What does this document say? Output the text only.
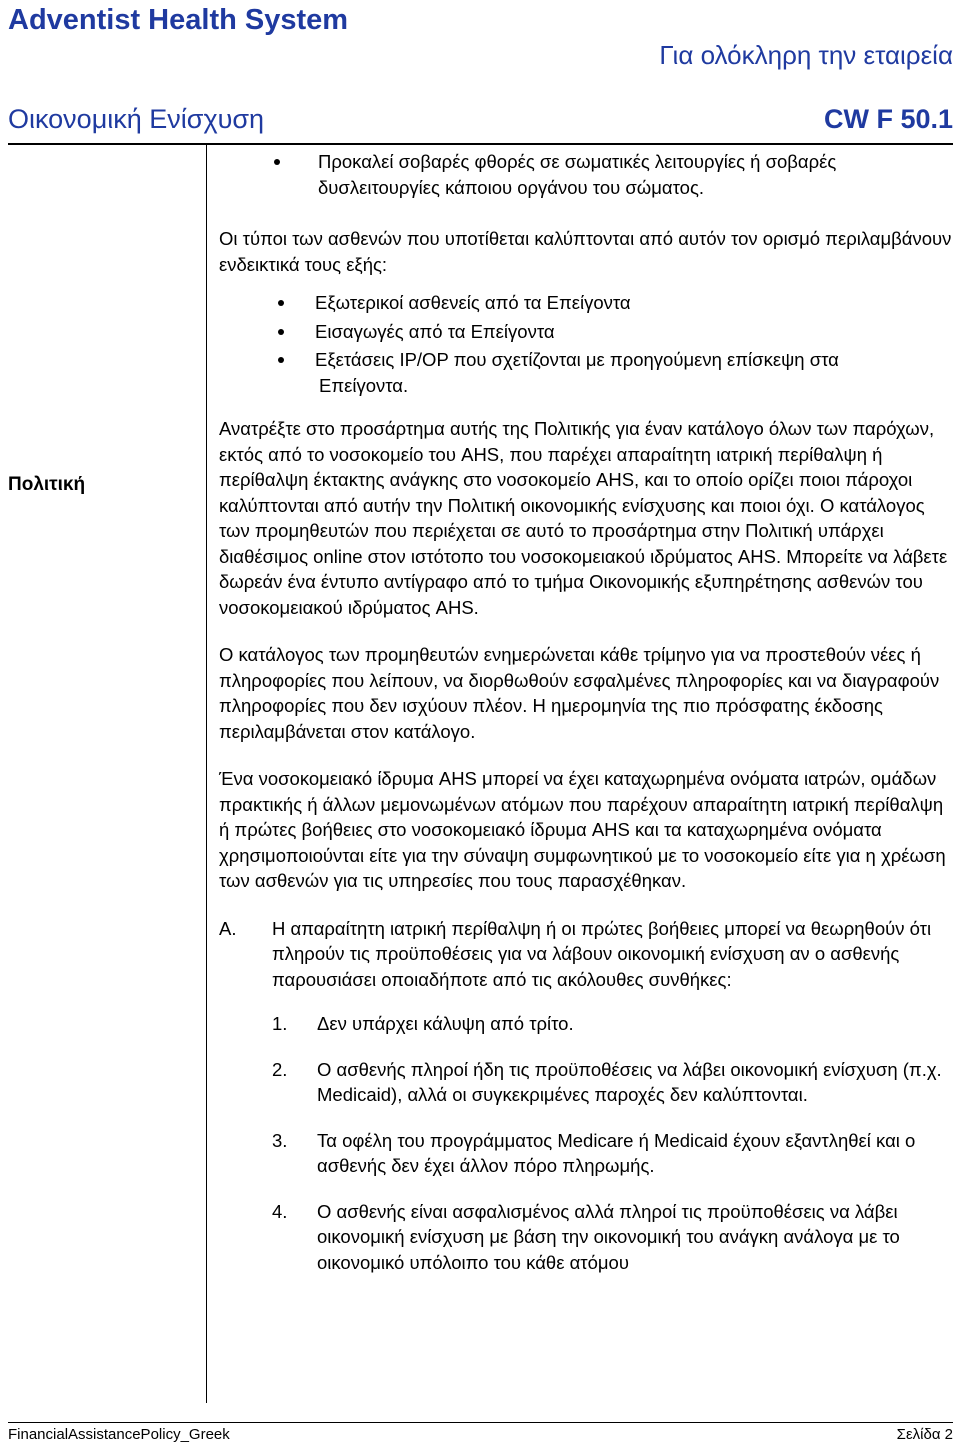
Adventist Health System
Για ολόκληρη την εταιρεία
Οικονομική Ενίσχυση	CW F 50.1
Πολιτική
Προκαλεί σοβαρές φθορές σε σωματικές λειτουργίες ή σοβαρές δυσλειτουργίες κάποιου οργάνου του σώματος.

Οι τύποι των ασθενών που υποτίθεται καλύπτονται από αυτόν τον ορισμό περιλαμβάνουν ενδεικτικά τους εξής:

Εξωτερικοί ασθενείς από τα Επείγοντα
Εισαγωγές από τα Επείγοντα
Εξετάσεις IP/OP που σχετίζονται με προηγούμενη επίσκεψη στα
Επείγοντα.

Ανατρέξτε στο προσάρτημα αυτής της Πολιτικής για έναν κατάλογο όλων των παρόχων, εκτός από το νοσοκομείο του AHS, που παρέχει απαραίτητη ιατρική περίθαλψη ή περίθαλψη έκτακτης ανάγκης στο νοσοκομείο AHS, και το οποίο ορίζει ποιοι πάροχοι καλύπτονται από αυτήν την Πολιτική οικονομικής ενίσχυσης και ποιοι όχι. Ο κατάλογος των προμηθευτών που περιέχεται σε αυτό το προσάρτημα στην Πολιτική υπάρχει διαθέσιμος online στον ιστότοπο του νοσοκομειακού ιδρύματος AHS. Μπορείτε να λάβετε δωρεάν ένα έντυπο αντίγραφο από το τμήμα Οικονομικής εξυπηρέτησης ασθενών του νοσοκομειακού ιδρύματος AHS.

Ο κατάλογος των προμηθευτών ενημερώνεται κάθε τρίμηνο για να προστεθούν νέες ή πληροφορίες που λείπουν, να διορθωθούν εσφαλμένες πληροφορίες και να διαγραφούν πληροφορίες που δεν ισχύουν πλέον. Η ημερομηνία της πιο πρόσφατης έκδοσης περιλαμβάνεται στον κατάλογο.

Ένα νοσοκομειακό ίδρυμα AHS μπορεί να έχει καταχωρημένα ονόματα ιατρών, ομάδων πρακτικής ή άλλων μεμονωμένων ατόμων που παρέχουν απαραίτητη ιατρική περίθαλψη ή πρώτες βοήθειες στο νοσοκομειακό ίδρυμα AHS και τα καταχωρημένα ονόματα χρησιμοποιούνται είτε για την σύναψη συμφωνητικού με το νοσοκομείο είτε για η χρέωση των ασθενών για τις υπηρεσίες που τους παρασχέθηκαν.

A. Η απαραίτητη ιατρική περίθαλψη ή οι πρώτες βοήθειες μπορεί να θεωρηθούν ότι πληρούν τις προϋποθέσεις για να λάβουν οικονομική ενίσχυση αν ο ασθενής παρουσιάσει οποιαδήποτε από τις ακόλουθες συνθήκες:
1. Δεν υπάρχει κάλυψη από τρίτο.
2. Ο ασθενής πληροί ήδη τις προϋποθέσεις να λάβει οικονομική ενίσχυση (π.χ. Medicaid), αλλά οι συγκεκριμένες παροχές δεν καλύπτονται.
3. Τα οφέλη του προγράμματος Medicare ή Medicaid έχουν εξαντληθεί και ο ασθενής δεν έχει άλλον πόρο πληρωμής.
4. Ο ασθενής είναι ασφαλισμένος αλλά πληροί τις προϋποθέσεις να λάβει οικονομική ενίσχυση με βάση την οικονομική του ανάγκη ανάλογα με το οικονομικό υπόλοιπο του κάθε ατόμου
FinancialAssistancePolicy_Greek	Σελίδα 2
